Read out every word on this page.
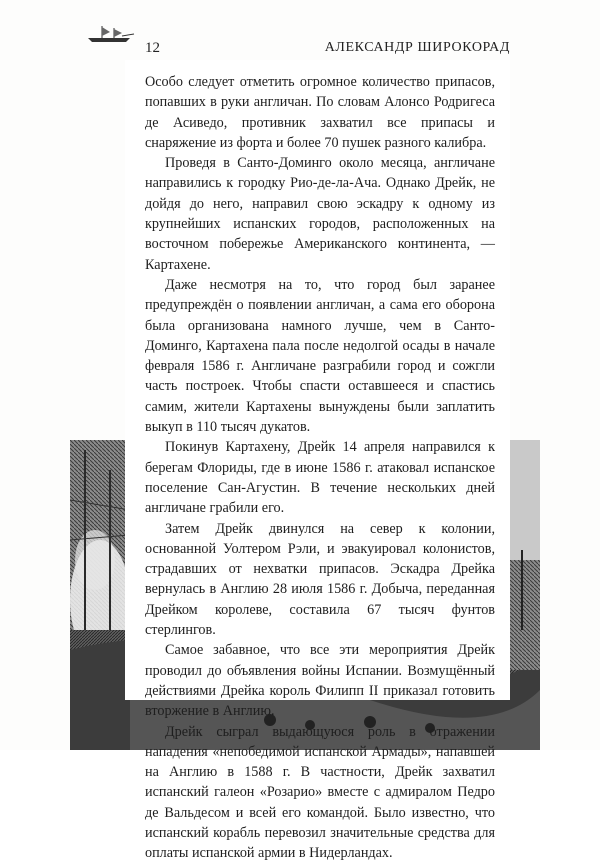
12	АЛЕКСАНДР ШИРОКОРАД

Особо следует отметить огромное количество припасов, попавших в руки англичан. По словам Алонсо Родригеса де Асиведо, противник захватил все припасы и снаряжение из форта и более 70 пушек разного калибра.

Проведя в Санто-Доминго около месяца, англичане направились к городку Рио-де-ла-Ача. Однако Дрейк, не дойдя до него, направил свою эскадру к одному из крупнейших испанских городов, расположенных на восточном побережье Американского континента, — Картахене.

Даже несмотря на то, что город был заранее предупреждён о появлении англичан, а сама его оборона была организована намного лучше, чем в Санто-Доминго, Картахена пала после недолгой осады в начале февраля 1586 г. Англичане разграбили город и сожгли часть построек. Чтобы спасти оставшееся и спастись самим, жители Картахены вынуждены были заплатить выкуп в 110 тысяч дукатов.

Покинув Картахену, Дрейк 14 апреля направился к берегам Флориды, где в июне 1586 г. атаковал испанское поселение Сан-Агустин. В течение нескольких дней англичане грабили его.

Затем Дрейк двинулся на север к колонии, основанной Уолтером Рэли, и эвакуировал колонистов, страдавших от нехватки припасов. Эскадра Дрейка вернулась в Англию 28 июля 1586 г. Добыча, переданная Дрейком королеве, составила 67 тысяч фунтов стерлингов.

Самое забавное, что все эти мероприятия Дрейк проводил до объявления войны Испании. Возмущённый действиями Дрейка король Филипп II приказал готовить вторжение в Англию.

Дрейк сыграл выдающуюся роль в отражении нападения «непобедимой испанской Армады», напавшей на Англию в 1588 г. В частности, Дрейк захватил испанский галеон «Розарио» вместе с адмиралом Педро де Вальдесом и всей его командой. Было известно, что испанский корабль перевозил значительные средства для оплаты испанской армии в Нидерландах.
